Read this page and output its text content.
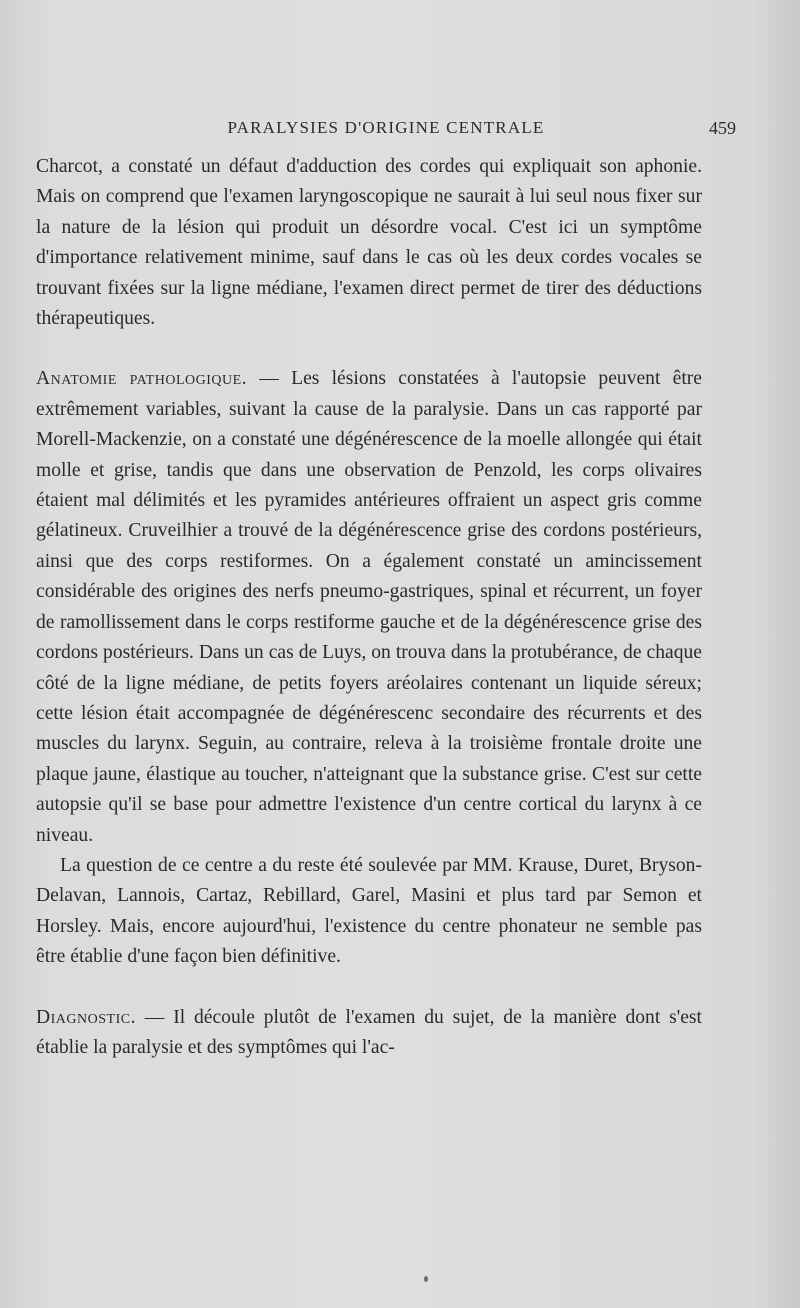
PARALYSIES D'ORIGINE CENTRALE	459

Charcot, a constaté un défaut d'adduction des cordes qui expliquait son aphonie. Mais on comprend que l'examen laryngoscopique ne saurait à lui seul nous fixer sur la nature de la lésion qui produit un désordre vocal. C'est ici un symptôme d'importance relativement minime, sauf dans le cas où les deux cordes vocales se trouvant fixées sur la ligne médiane, l'examen direct permet de tirer des déductions thérapeutiques.

Anatomie pathologique. — Les lésions constatées à l'autopsie peuvent être extrêmement variables, suivant la cause de la paralysie. Dans un cas rapporté par Morell-Mackenzie, on a constaté une dégénérescence de la moelle allongée qui était molle et grise, tandis que dans une observation de Penzold, les corps olivaires étaient mal délimités et les pyramides antérieures offraient un aspect gris comme gélatineux. Cruveilhier a trouvé de la dégénérescence grise des cordons postérieurs, ainsi que des corps restiformes. On a également constaté un amincissement considérable des origines des nerfs pneumo-gastriques, spinal et récurrent, un foyer de ramollissement dans le corps restiforme gauche et de la dégénérescence grise des cordons postérieurs. Dans un cas de Luys, on trouva dans la protubérance, de chaque côté de la ligne médiane, de petits foyers aréolaires contenant un liquide séreux; cette lésion était accompagnée de dégénérescenc secondaire des récurrents et des muscles du larynx. Seguin, au contraire, releva à la troisième frontale droite une plaque jaune, élastique au toucher, n'atteignant que la substance grise. C'est sur cette autopsie qu'il se base pour admettre l'existence d'un centre cortical du larynx à ce niveau.

La question de ce centre a du reste été soulevée par MM. Krause, Duret, Bryson-Delavan, Lannois, Cartaz, Rebillard, Garel, Masini et plus tard par Semon et Horsley. Mais, encore aujourd'hui, l'existence du centre phonateur ne semble pas être établie d'une façon bien définitive.

Diagnostic. — Il découle plutôt de l'examen du sujet, de la manière dont s'est établie la paralysie et des symptômes qui l'ac-
